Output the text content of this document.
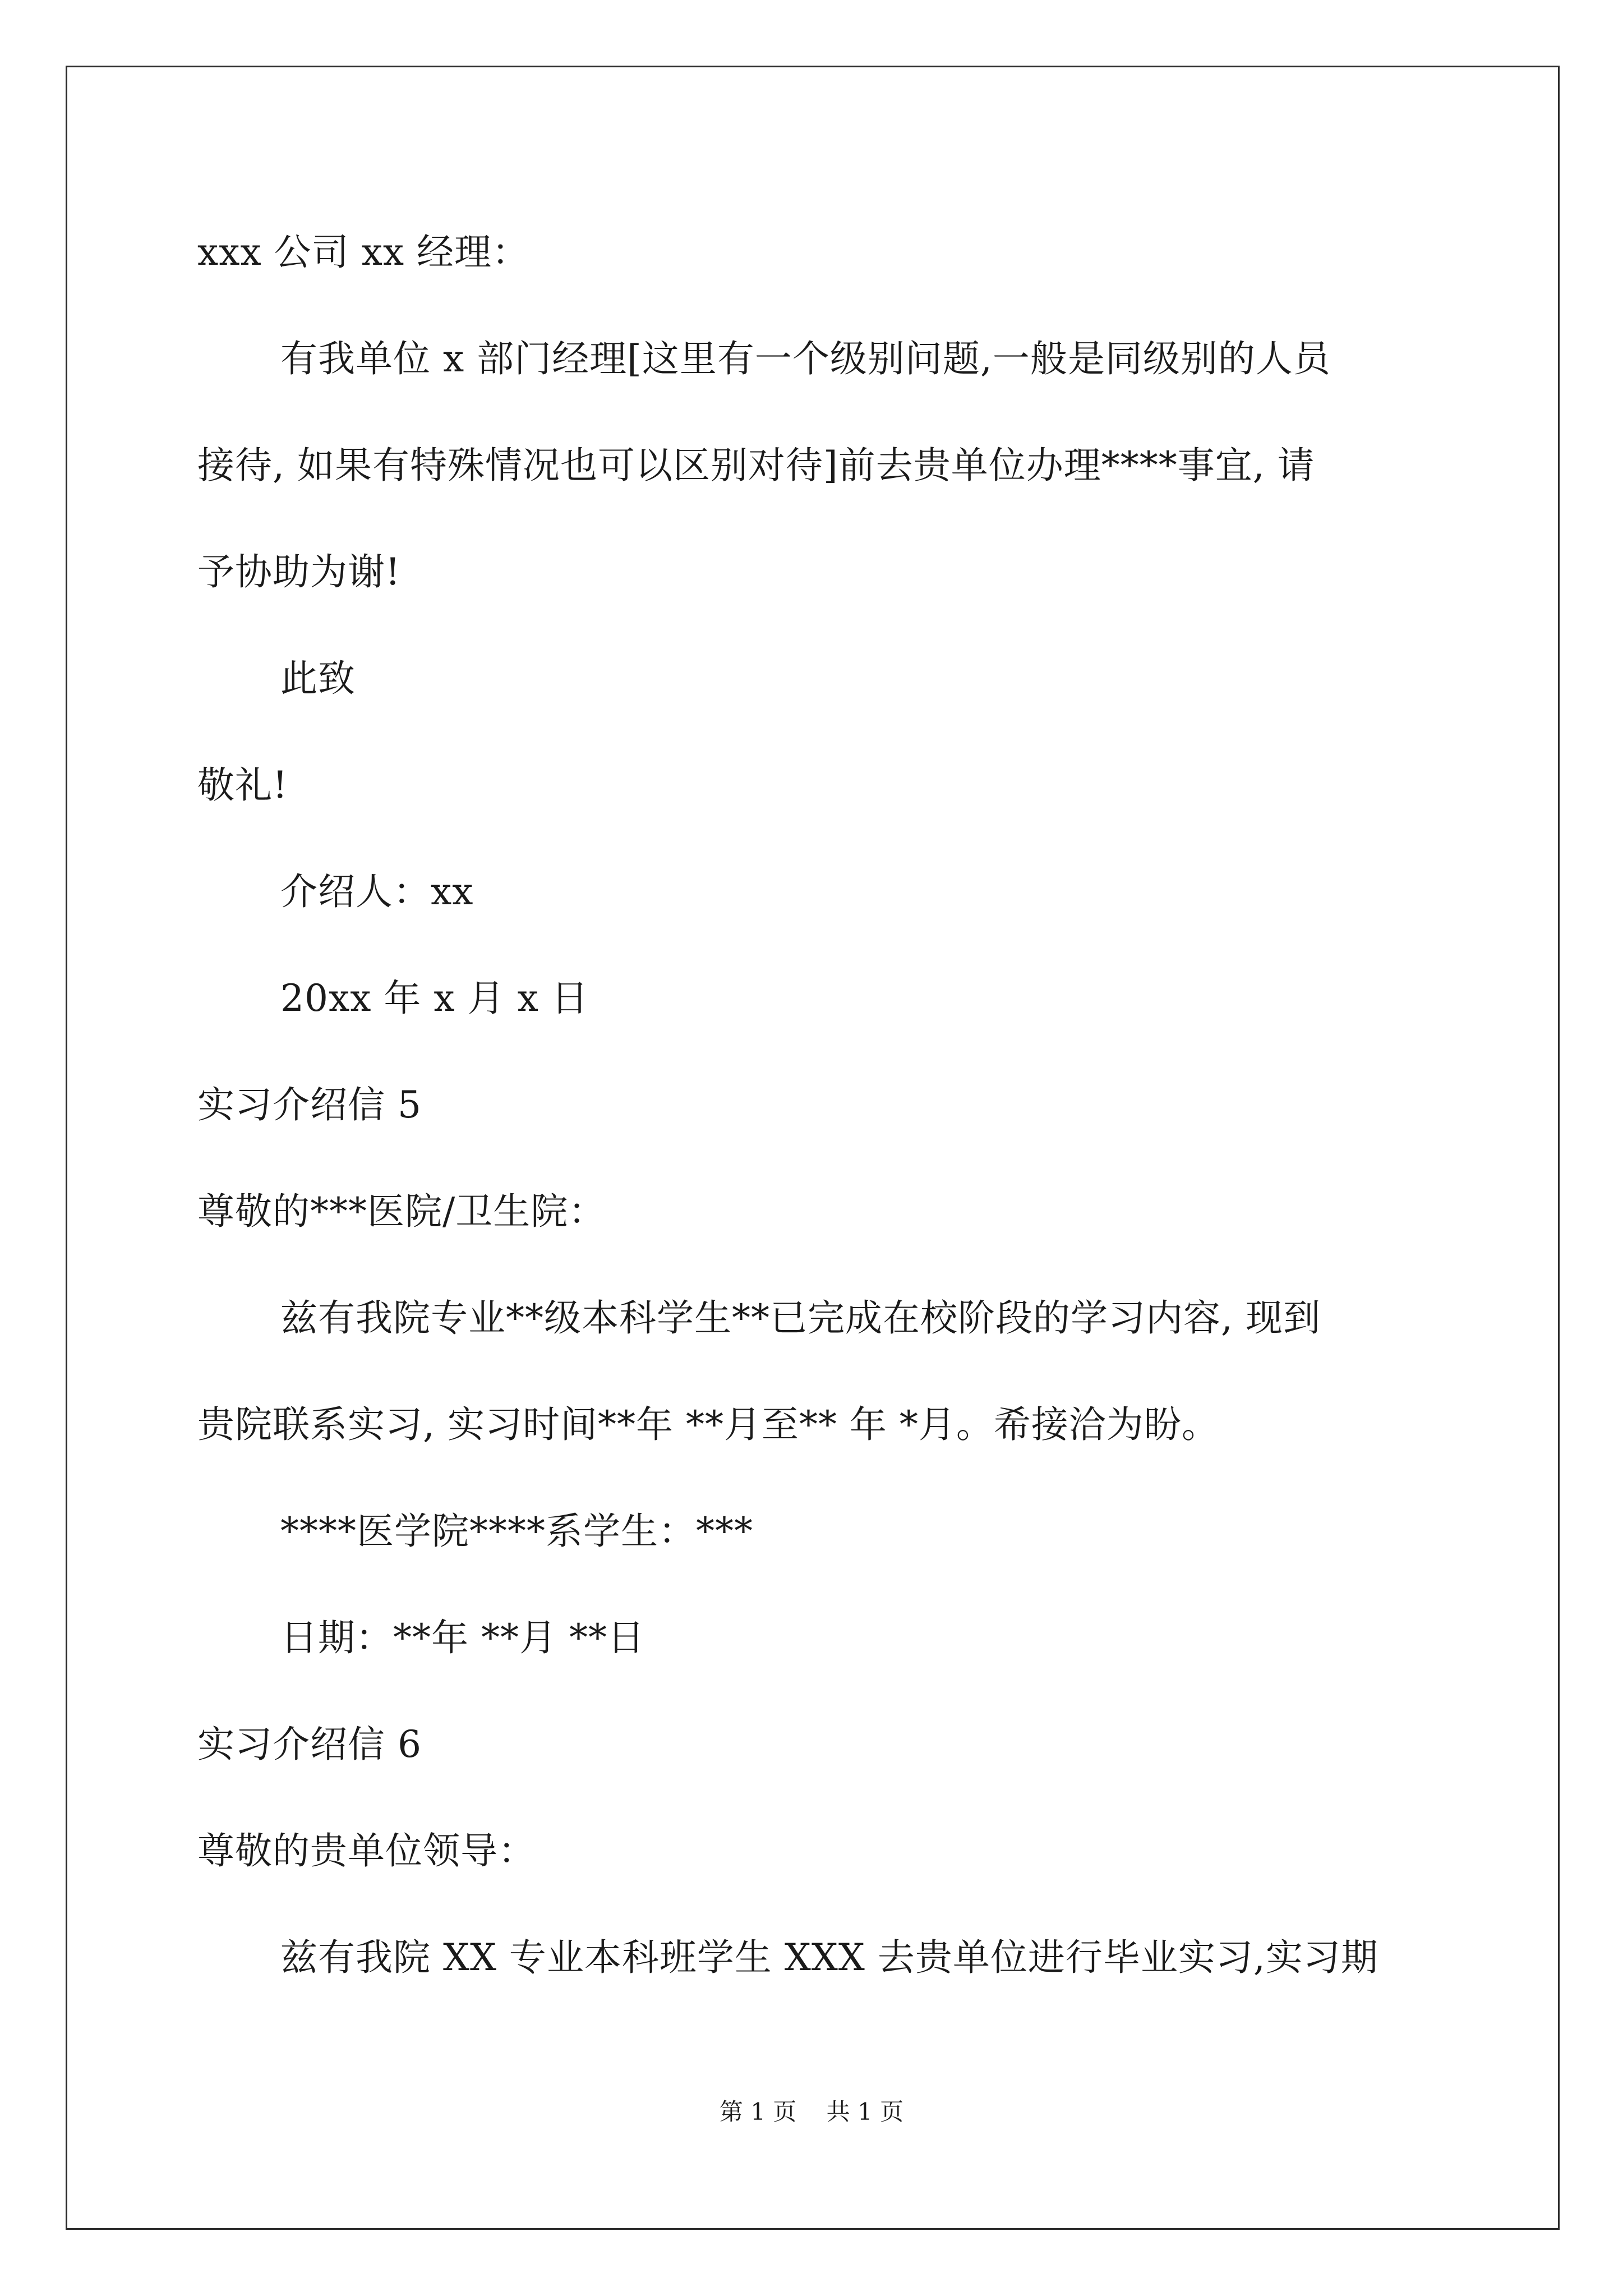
xxx 公司 xx 经理：
有我单位 x 部门经理[这里有一个级别问题,一般是同级别的人员
接待, 如果有特殊情况也可以区别对待]前去贵单位办理****事宜, 请
予协助为谢!
此致
敬礼!
介绍人：xx
20xx 年 x 月 x 日
实习介绍信 5
尊敬的***医院/卫生院：
兹有我院专业**级本科学生**已完成在校阶段的学习内容, 现到
贵院联系实习, 实习时间**年 **月至** 年 *月。希接洽为盼。
****医学院****系学生：***
日期：**年 **月 **日
实习介绍信 6
尊敬的贵单位领导：
兹有我院 XX 专业本科班学生 XXX 去贵单位进行毕业实习,实习期
第 1 页 共 1 页
